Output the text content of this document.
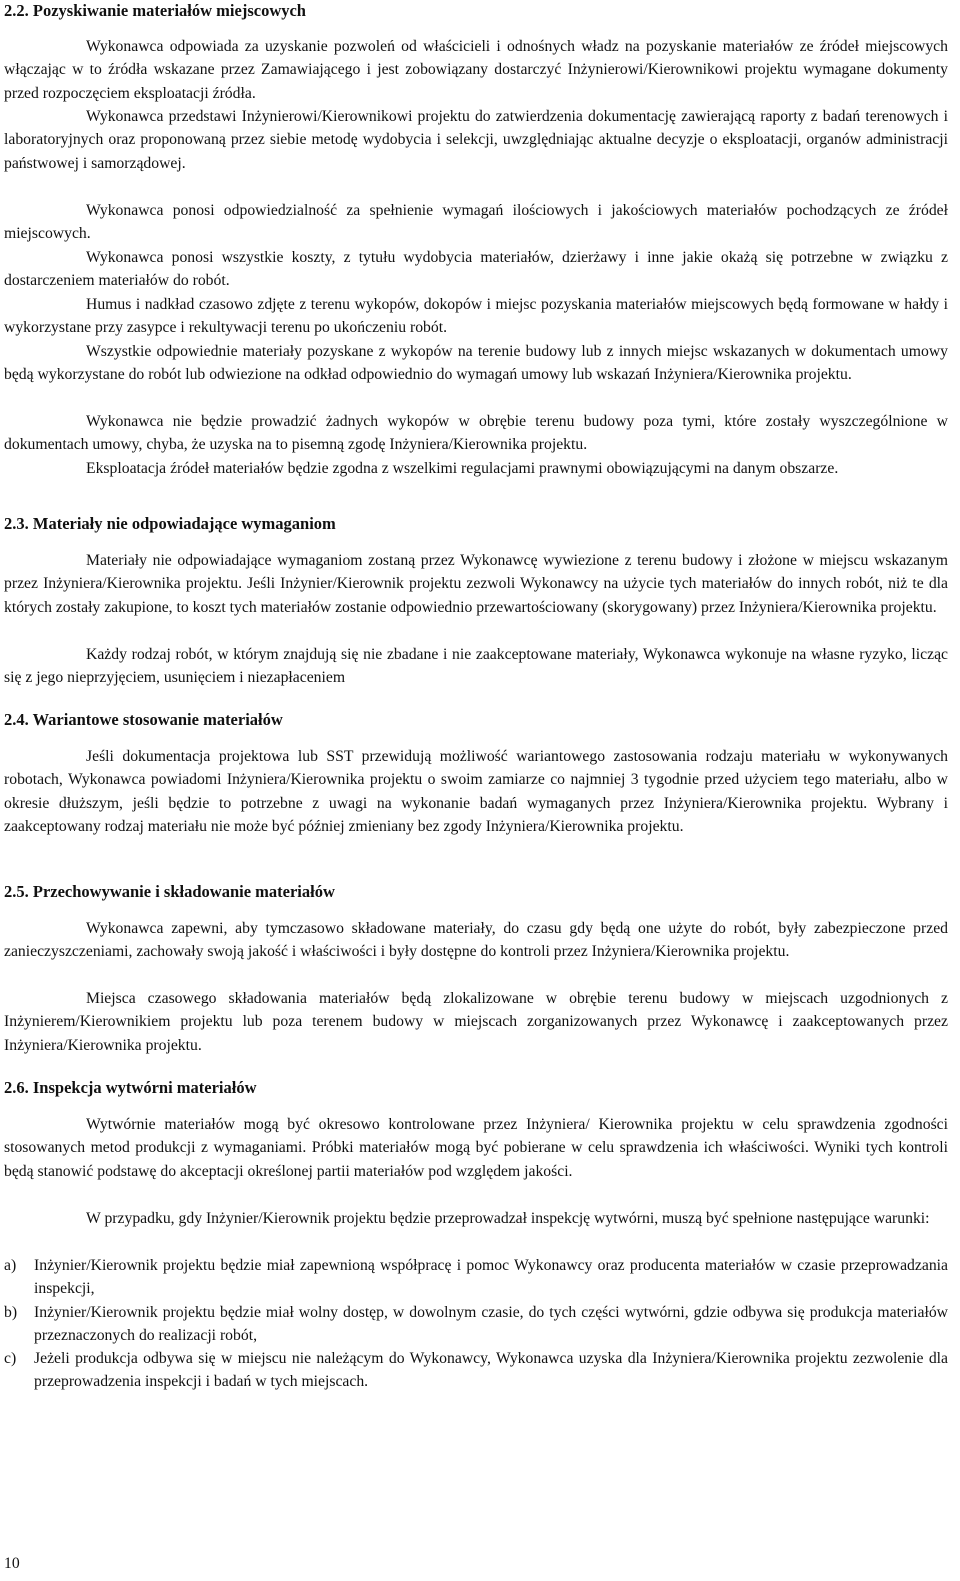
2.2. Pozyskiwanie materiałów miejscowych

Wykonawca odpowiada za uzyskanie pozwoleń od właścicieli i odnośnych władz na pozyskanie materiałów ze źródeł miejscowych włączając w to źródła wskazane przez Zamawiającego i jest zobowiązany dostarczyć Inżynierowi/Kierownikowi projektu wymagane dokumenty przed rozpoczęciem eksploatacji źródła.

Wykonawca przedstawi Inżynierowi/Kierownikowi projektu do zatwierdzenia dokumentację zawierającą raporty z badań terenowych i laboratoryjnych oraz proponowaną przez siebie metodę wydobycia i selekcji, uwzględniając aktualne decyzje o eksploatacji, organów administracji państwowej i samorządowej.

Wykonawca ponosi odpowiedzialność za spełnienie wymagań ilościowych i jakościowych materiałów pochodzących ze źródeł miejscowych.

Wykonawca ponosi wszystkie koszty, z tytułu wydobycia materiałów, dzierżawy i inne jakie okażą się potrzebne w związku z dostarczeniem materiałów do robót.

Humus i nadkład czasowo zdjęte z terenu wykopów, dokopów i miejsc pozyskania materiałów miejscowych będą formowane w hałdy i wykorzystane przy zasypce i rekultywacji terenu po ukończeniu robót.

Wszystkie odpowiednie materiały pozyskane z wykopów na terenie budowy lub z innych miejsc wskazanych w dokumentach umowy będą wykorzystane do robót lub odwiezione na odkład odpowiednio do wymagań umowy lub wskazań Inżyniera/Kierownika projektu.

Wykonawca nie będzie prowadzić żadnych wykopów w obrębie terenu budowy poza tymi, które zostały wyszczególnione w dokumentach umowy, chyba, że uzyska na to pisemną zgodę Inżyniera/Kierownika projektu.

Eksploatacja źródeł materiałów będzie zgodna z wszelkimi regulacjami prawnymi obowiązującymi na danym obszarze.

2.3. Materiały nie odpowiadające wymaganiom

Materiały nie odpowiadające wymaganiom zostaną przez Wykonawcę wywiezione z terenu budowy i złożone w miejscu wskazanym przez Inżyniera/Kierownika projektu. Jeśli Inżynier/Kierownik projektu zezwoli Wykonawcy na użycie tych materiałów do innych robót, niż te dla których zostały zakupione, to koszt tych materiałów zostanie odpowiednio przewartościowany (skorygowany) przez Inżyniera/Kierownika projektu.

Każdy rodzaj robót, w którym znajdują się nie zbadane i nie zaakceptowane materiały, Wykonawca wykonuje na własne ryzyko, licząc się z jego nieprzyjęciem, usunięciem i niezapłaceniem

2.4. Wariantowe stosowanie materiałów

Jeśli dokumentacja projektowa lub SST przewidują możliwość wariantowego zastosowania rodzaju materiału w wykonywanych robotach, Wykonawca powiadomi Inżyniera/Kierownika projektu o swoim zamiarze co najmniej 3 tygodnie przed użyciem tego materiału, albo w okresie dłuższym, jeśli będzie to potrzebne z uwagi na wykonanie badań wymaganych przez Inżyniera/Kierownika projektu. Wybrany i zaakceptowany rodzaj materiału nie może być później zmieniany bez zgody Inżyniera/Kierownika projektu.

2.5. Przechowywanie i składowanie materiałów

Wykonawca zapewni, aby tymczasowo składowane materiały, do czasu gdy będą one użyte do robót, były zabezpieczone przed zanieczyszczeniami, zachowały swoją jakość i właściwości i były dostępne do kontroli przez Inżyniera/Kierownika projektu.

Miejsca czasowego składowania materiałów będą zlokalizowane w obrębie terenu budowy w miejscach uzgodnionych z Inżynierem/Kierownikiem projektu lub poza terenem budowy w miejscach zorganizowanych przez Wykonawcę i zaakceptowanych przez Inżyniera/Kierownika projektu.

2.6. Inspekcja wytwórni materiałów

Wytwórnie materiałów mogą być okresowo kontrolowane przez Inżyniera/ Kierownika projektu w celu sprawdzenia zgodności stosowanych metod produkcji z wymaganiami. Próbki materiałów mogą być pobierane w celu sprawdzenia ich właściwości. Wyniki tych kontroli będą stanowić podstawę do akceptacji określonej partii materiałów pod względem jakości.

W przypadku, gdy Inżynier/Kierownik projektu będzie przeprowadzał inspekcję wytwórni, muszą być spełnione następujące warunki:

a) Inżynier/Kierownik projektu będzie miał zapewnioną współpracę i pomoc Wykonawcy oraz producenta materiałów w czasie przeprowadzania inspekcji,
b) Inżynier/Kierownik projektu będzie miał wolny dostęp, w dowolnym czasie, do tych części wytwórni, gdzie odbywa się produkcja materiałów przeznaczonych do realizacji robót,
c) Jeżeli produkcja odbywa się w miejscu nie należącym do Wykonawcy, Wykonawca uzyska dla Inżyniera/Kierownika projektu zezwolenie dla przeprowadzenia inspekcji i badań w tych miejscach.
10
